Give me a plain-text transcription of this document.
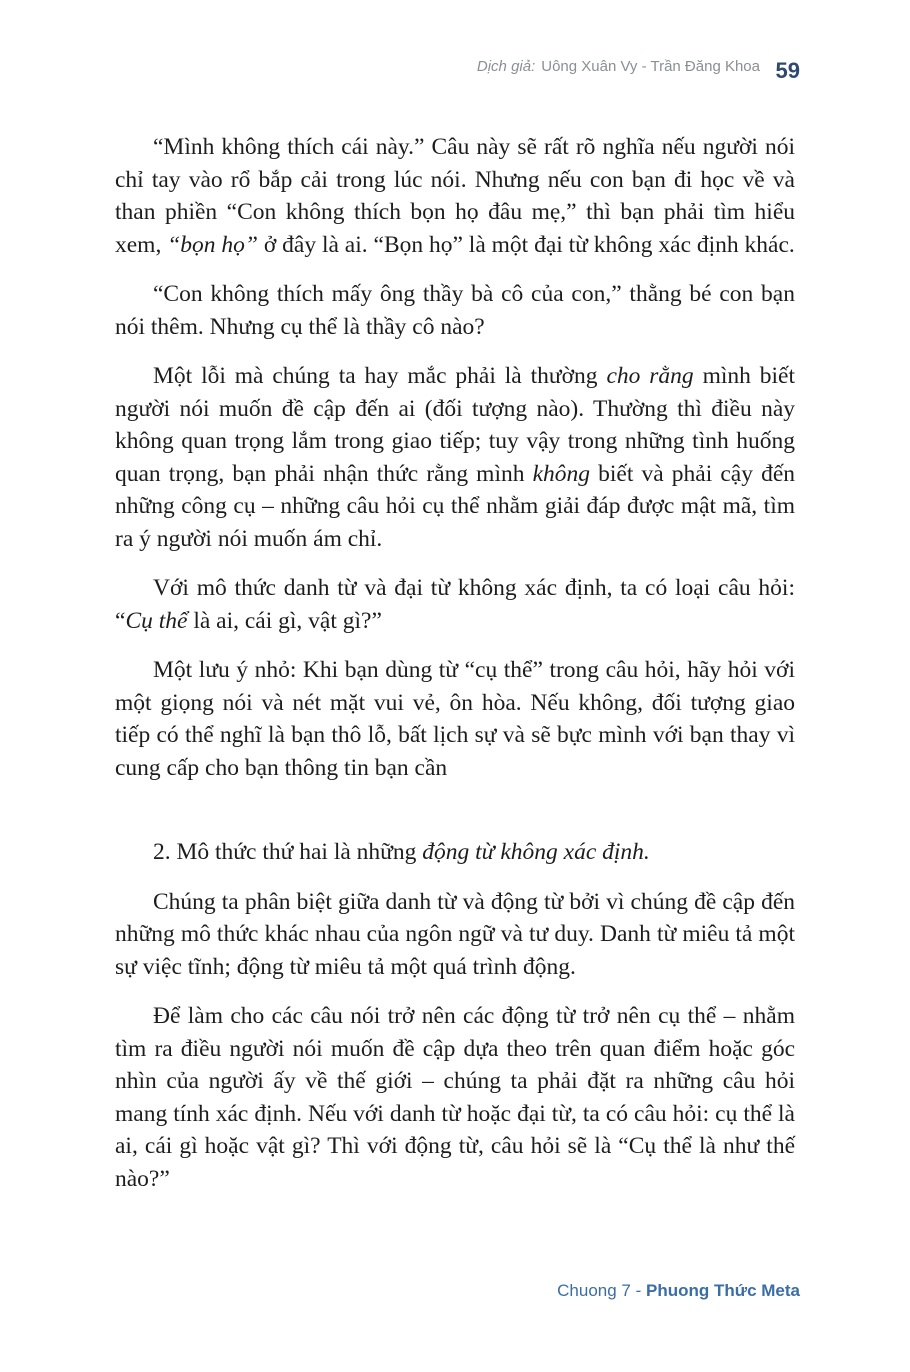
Dịch giả: Uông Xuân Vy - Trần Đăng Khoa 59

“Mình không thích cái này.” Câu này sẽ rất rõ nghĩa nếu người nói chỉ tay vào rổ bắp cải trong lúc nói. Nhưng nếu con bạn đi học về và than phiền “Con không thích bọn họ đâu mẹ,” thì bạn phải tìm hiểu xem, “bọn họ” ở đây là ai. “Bọn họ” là một đại từ không xác định khác.

“Con không thích mấy ông thầy bà cô của con,” thằng bé con bạn nói thêm. Nhưng cụ thể là thầy cô nào?

Một lỗi mà chúng ta hay mắc phải là thường cho rằng mình biết người nói muốn đề cập đến ai (đối tượng nào). Thường thì điều này không quan trọng lắm trong giao tiếp; tuy vậy trong những tình huống quan trọng, bạn phải nhận thức rằng mình không biết và phải cậy đến những công cụ – những câu hỏi cụ thể nhằm giải đáp được mật mã, tìm ra ý người nói muốn ám chỉ.

Với mô thức danh từ và đại từ không xác định, ta có loại câu hỏi: “Cụ thể là ai, cái gì, vật gì?”

Một lưu ý nhỏ: Khi bạn dùng từ “cụ thể” trong câu hỏi, hãy hỏi với một giọng nói và nét mặt vui vẻ, ôn hòa. Nếu không, đối tượng giao tiếp có thể nghĩ là bạn thô lỗ, bất lịch sự và sẽ bực mình với bạn thay vì cung cấp cho bạn thông tin bạn cần

2. Mô thức thứ hai là những động từ không xác định.

Chúng ta phân biệt giữa danh từ và động từ bởi vì chúng đề cập đến những mô thức khác nhau của ngôn ngữ và tư duy. Danh từ miêu tả một sự việc tĩnh; động từ miêu tả một quá trình động.

Để làm cho các câu nói trở nên các động từ trở nên cụ thể – nhằm tìm ra điều người nói muốn đề cập dựa theo trên quan điểm hoặc góc nhìn của người ấy về thế giới – chúng ta phải đặt ra những câu hỏi mang tính xác định. Nếu với danh từ hoặc đại từ, ta có câu hỏi: cụ thể là ai, cái gì hoặc vật gì? Thì với động từ, câu hỏi sẽ là “Cụ thể là như thế nào?”

Chuong 7 - Phuong Thức Meta
